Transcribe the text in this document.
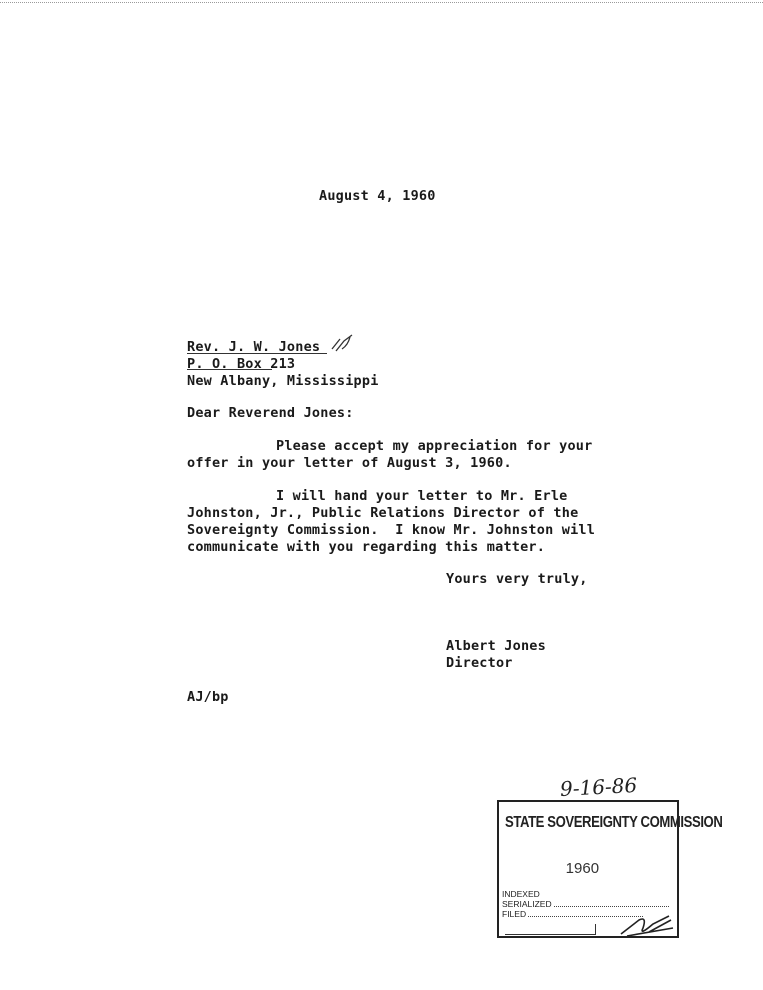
August 4, 1960
Rev. J. W. Jones
P. O. Box 213
New Albany, Mississippi
Dear Reverend Jones:
Please accept my appreciation for your
offer in your letter of August 3, 1960.
I will hand your letter to Mr. Erle
Johnston, Jr., Public Relations Director of the
Sovereignty Commission.  I know Mr. Johnston will
communicate with you regarding this matter.
Yours very truly,
Albert Jones
Director
AJ/bp
9-16-86
STATE SOVEREIGNTY COMMISSION
1960
INDEXED
SERIALIZED
FILED
